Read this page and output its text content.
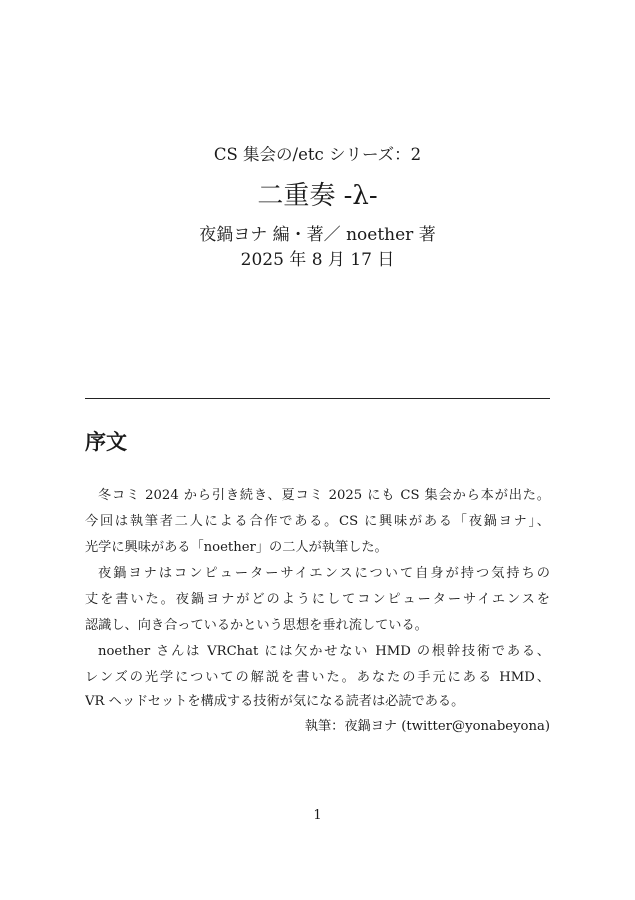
CS 集会の/etc シリーズ：2
二重奏 -λ-
夜鍋ヨナ 編・著／ noether 著
2025 年 8 月 17 日
序文
冬コミ 2024 から引き続き、夏コミ 2025 にも CS 集会から本が出た。
今回は執筆者二人による合作である。CS に興味がある「夜鍋ヨナ」、
光学に興味がある「noether」の二人が執筆した。
夜鍋ヨナはコンピューターサイエンスについて自身が持つ気持ちの
丈を書いた。夜鍋ヨナがどのようにしてコンピューターサイエンスを
認識し、向き合っているかという思想を垂れ流している。
noether さんは VRChat には欠かせない HMD の根幹技術である、
レンズの光学についての解説を書いた。あなたの手元にある HMD、
VR ヘッドセットを構成する技術が気になる読者は必読である。
執筆：夜鍋ヨナ (twitter@yonabeyona)
1
